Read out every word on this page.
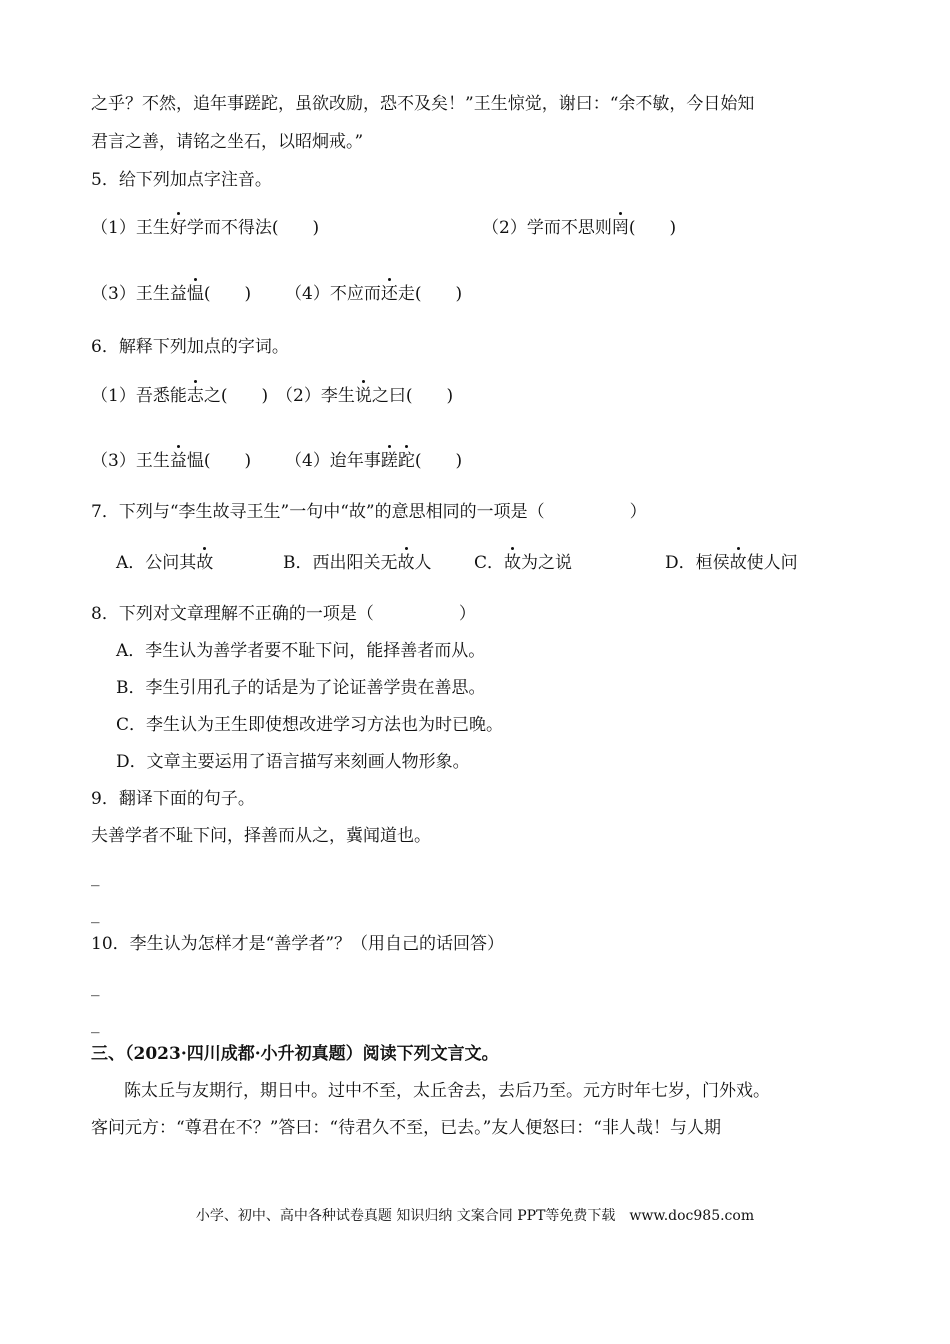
之乎？不然，追年事蹉跎，虽欲改励，恐不及矣！”王生惊觉，谢曰：“余不敏，今日始知
君言之善，请铭之坐石，以昭炯戒。”
5．给下列加点字注音。
（1）王生好学而不得法(　　)	（2）学而不思则罔(　　)
（3）王生益愠(　　) （4）不应而还走(　　)
6．解释下列加点的字词。
（1）吾悉能志之(　　) （2）李生说之曰(　　)
（3）王生益愠(　　) （4）迨年事蹉跎(　　)
7．下列与“李生故寻王生”一句中“故”的意思相同的一项是（　　　　　）
A．公问其故	B．西出阳关无故人	C．故为之说	D．桓侯故使人问
8．下列对文章理解不正确的一项是（　　　　　）
A．李生认为善学者要不耻下问，能择善者而从。
B．李生引用孔子的话是为了论证善学贵在善思。
C．李生认为王生即使想改进学习方法也为时已晚。
D．文章主要运用了语言描写来刻画人物形象。
9．翻译下面的句子。
夫善学者不耻下问，择善而从之，冀闻道也。
_
_
10．李生认为怎样才是“善学者”？（用自己的话回答）
_
_
三、（2023·四川成都·小升初真题）阅读下列文言文。
陈太丘与友期行，期日中。过中不至，太丘舍去，去后乃至。元方时年七岁，门外戏。
客问元方：“尊君在不？”答曰：“待君久不至，已去。”友人便怒曰：“非人哉！与人期
小学、初中、高中各种试卷真题 知识归纳 文案合同 PPT等免费下载　www.doc985.com
